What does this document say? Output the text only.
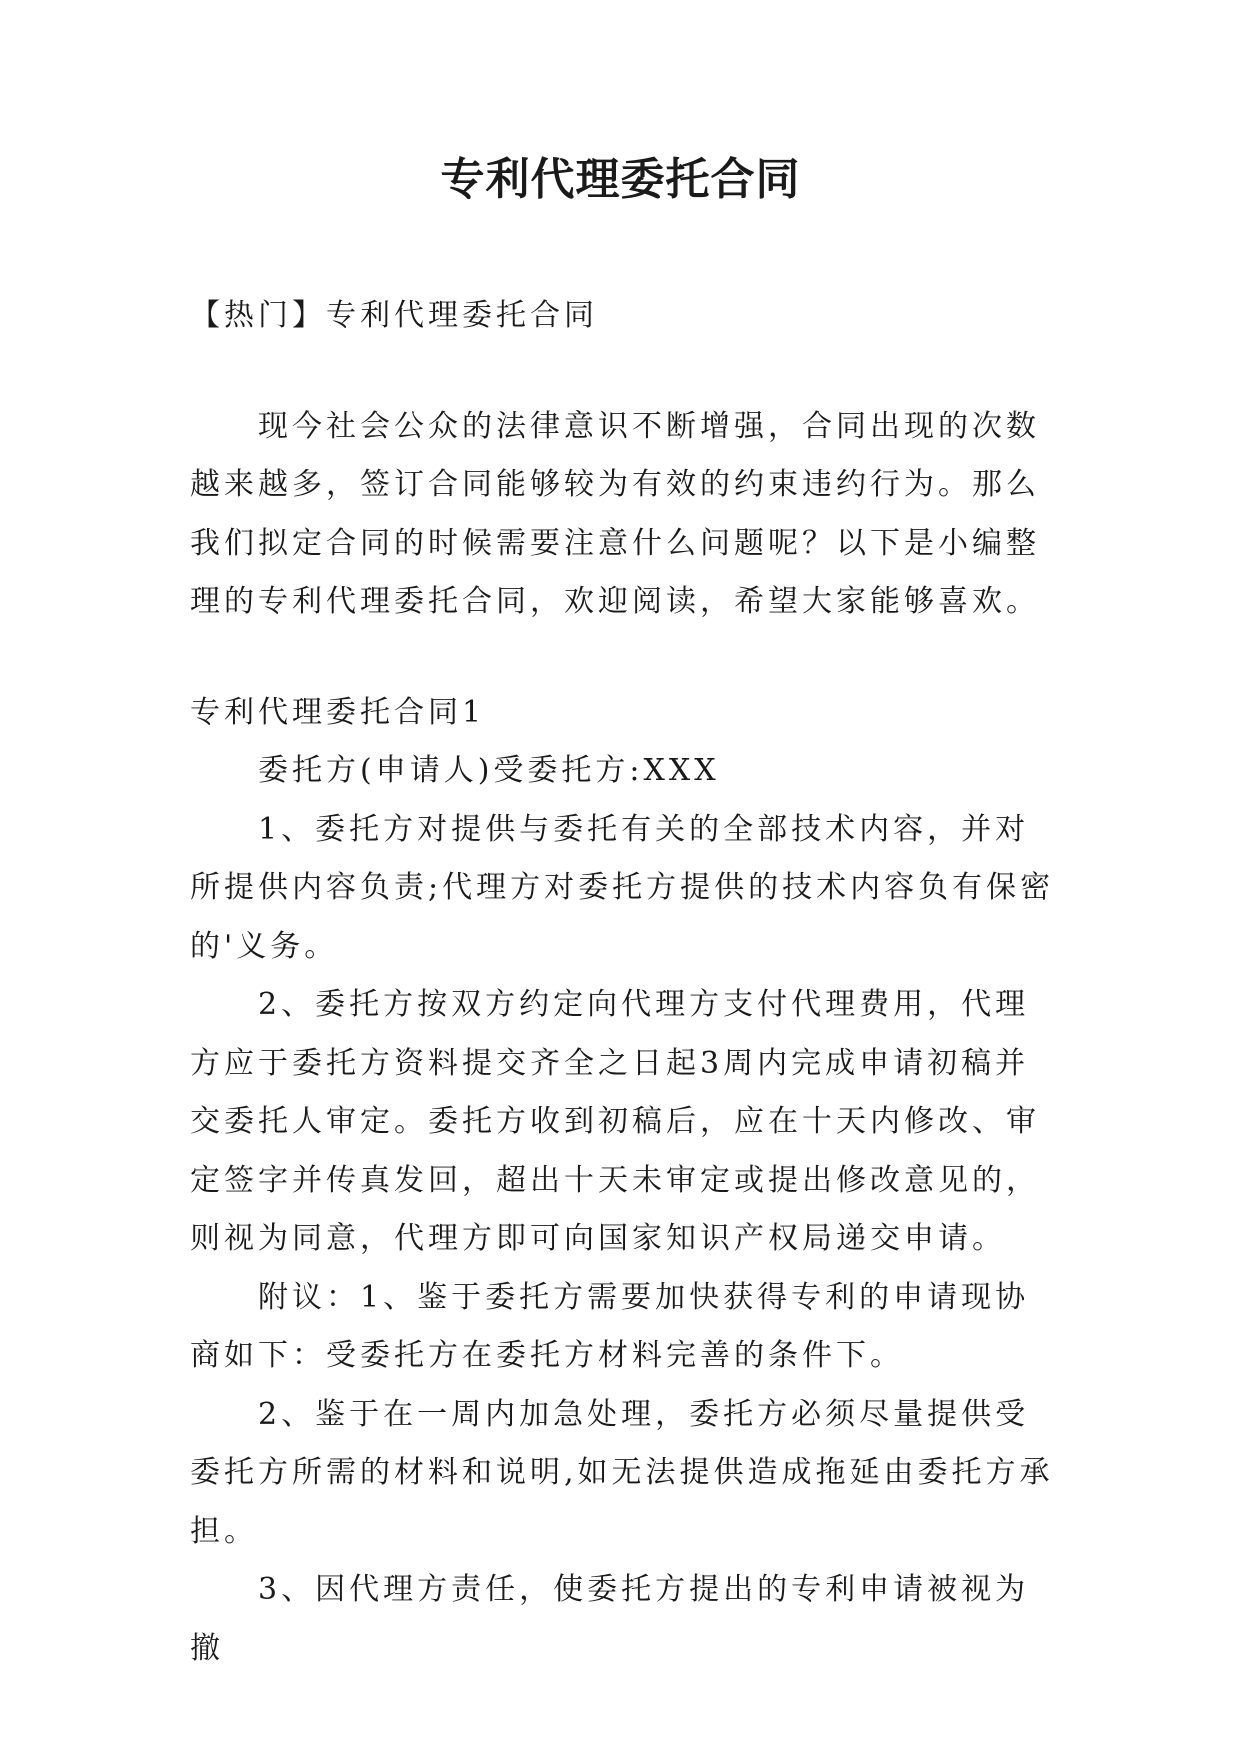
专利代理委托合同

【热门】专利代理委托合同

现今社会公众的法律意识不断增强，合同出现的次数越来越多，签订合同能够较为有效的约束违约行为。那么我们拟定合同的时候需要注意什么问题呢？以下是小编整理的专利代理委托合同，欢迎阅读，希望大家能够喜欢。

专利代理委托合同1

委托方(申请人)受委托方:XXX

1、委托方对提供与委托有关的全部技术内容，并对所提供内容负责;代理方对委托方提供的技术内容负有保密的'义务。

2、委托方按双方约定向代理方支付代理费用，代理方应于委托方资料提交齐全之日起3周内完成申请初稿并交委托人审定。委托方收到初稿后，应在十天内修改、审定签字并传真发回，超出十天未审定或提出修改意见的，则视为同意，代理方即可向国家知识产权局递交申请。

附议：1、鉴于委托方需要加快获得专利的申请现协商如下：受委托方在委托方材料完善的条件下。

2、鉴于在一周内加急处理，委托方必须尽量提供受委托方所需的材料和说明,如无法提供造成拖延由委托方承担。

3、因代理方责任，使委托方提出的专利申请被视为撤
